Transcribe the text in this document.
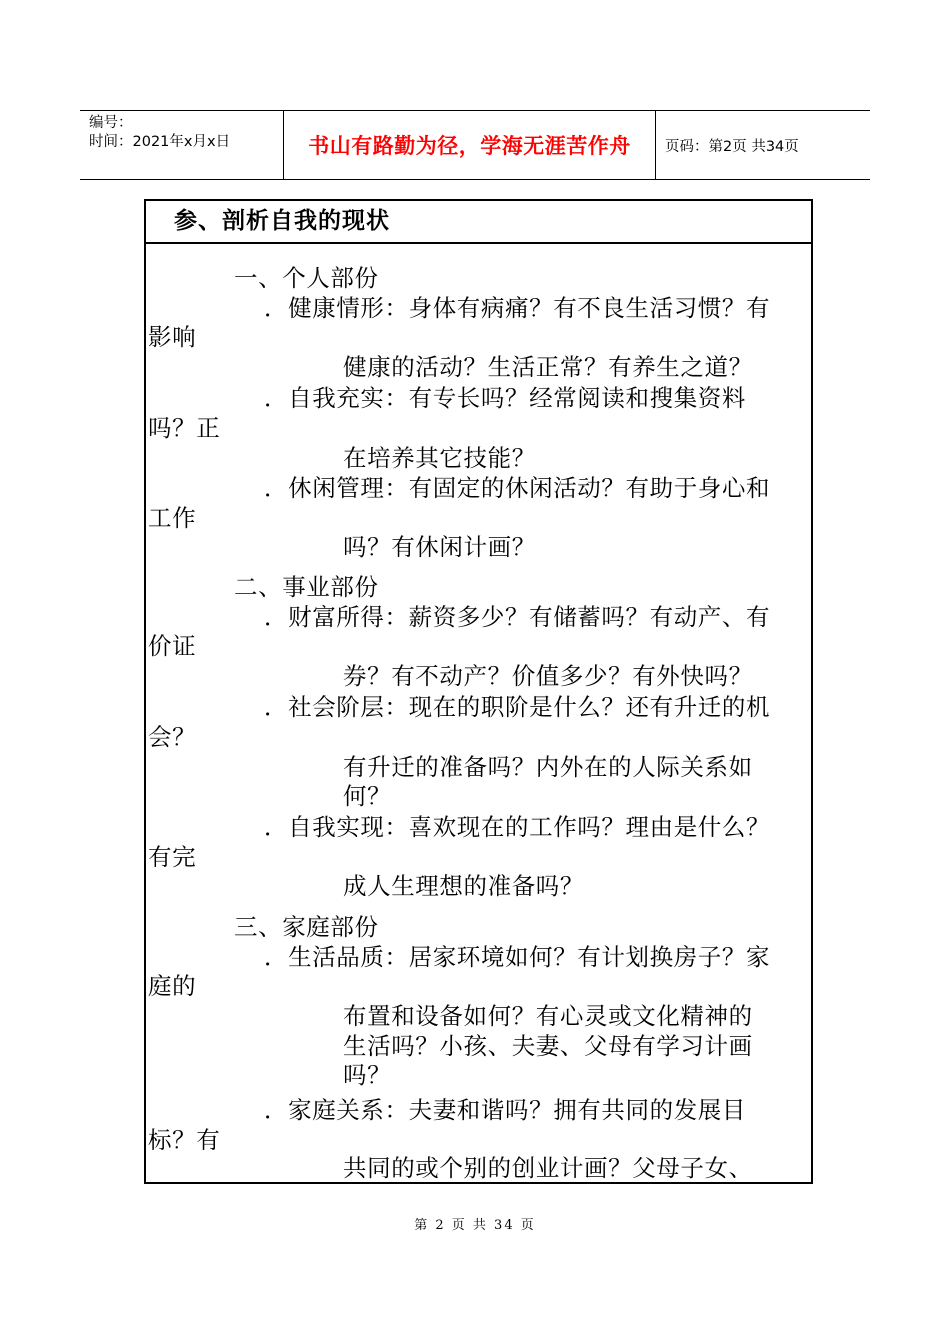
编号：
时间：2021年x月x日	书山有路勤为径，学海无涯苦作舟	页码：第2页 共34页
参、剖析自我的现状
一、个人部份
．健康情形：身体有病痛？有不良生活习惯？有
影响
健康的活动？生活正常？有养生之道？
．自我充实：有专长吗？经常阅读和搜集资料
吗？正
在培养其它技能？
．休闲管理：有固定的休闲活动？有助于身心和
工作
吗？有休闲计画？
二、事业部份
．财富所得：薪资多少？有储蓄吗？有动产、有
价证
券？有不动产？价值多少？有外快吗？
．社会阶层：现在的职阶是什么？还有升迁的机
会？
有升迁的准备吗？内外在的人际关系如
何？
．自我实现：喜欢现在的工作吗？理由是什么？
有完
成人生理想的准备吗？
三、家庭部份
．生活品质：居家环境如何？有计划换房子？家
庭的
布置和设备如何？有心灵或文化精神的
生活吗？小孩、夫妻、父母有学习计画
吗？
．家庭关系：夫妻和谐吗？拥有共同的发展目
标？有
共同的或个别的创业计画？父母子女、
第 2 页 共 34 页
